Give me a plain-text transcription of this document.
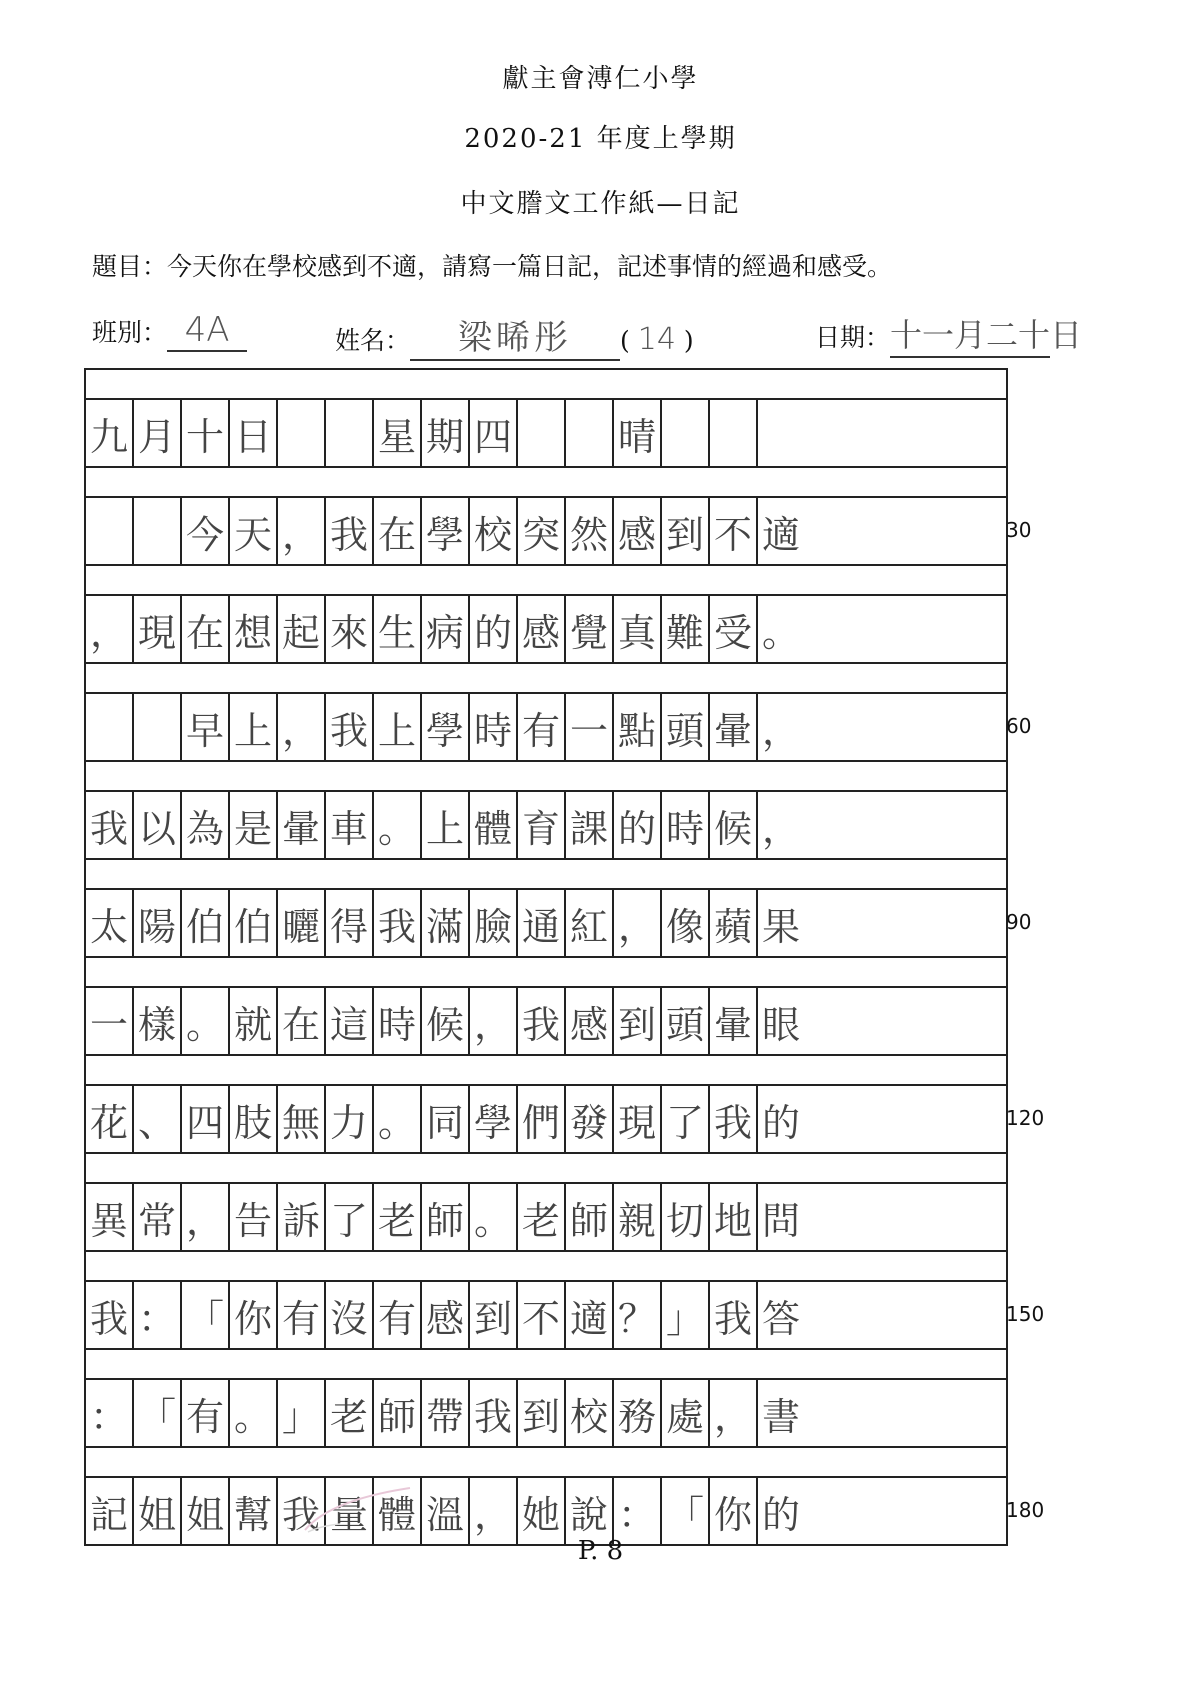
獻主會溥仁小學
2020-21 年度上學期
中文謄文工作紙—日記
題目：今天你在學校感到不適，請寫一篇日記，記述事情的經過和感受。
班別： 4A	姓名： 梁晞彤 ( 14 )	日期：十一月二十日
九 月 十 日	星 期 四	晴
今 天 ， 我 在 學 校 突 然 感 到 不 適
， 現 在 想 起 來 生 病 的 感 覺 真 難 受 。
早 上 ， 我 上 學 時 有 一 點 頭 暈 ，
我 以 為 是 暈 車 。 上 體 育 課 的 時 候 ，
太 陽 伯 伯 曬 得 我 滿 臉 通 紅 ， 像 蘋 果
一 樣 。 就 在 這 時 候 ， 我 感 到 頭 暈 眼
花 、 四 肢 無 力 。 同 學 們 發 現 了 我 的
異 常 ， 告 訴 了 老 師 。 老 師 親 切 地 問
我 ： 「 你 有 沒 有 感 到 不 適 ？ 」 我 答
： 「 有 。 」 老 師 帶 我 到 校 務 處 ， 書
記 姐 姐 幫 我 量 體 溫 ， 她 說 ： 「 你 的
30
60
90
120
150
180
P. 8
